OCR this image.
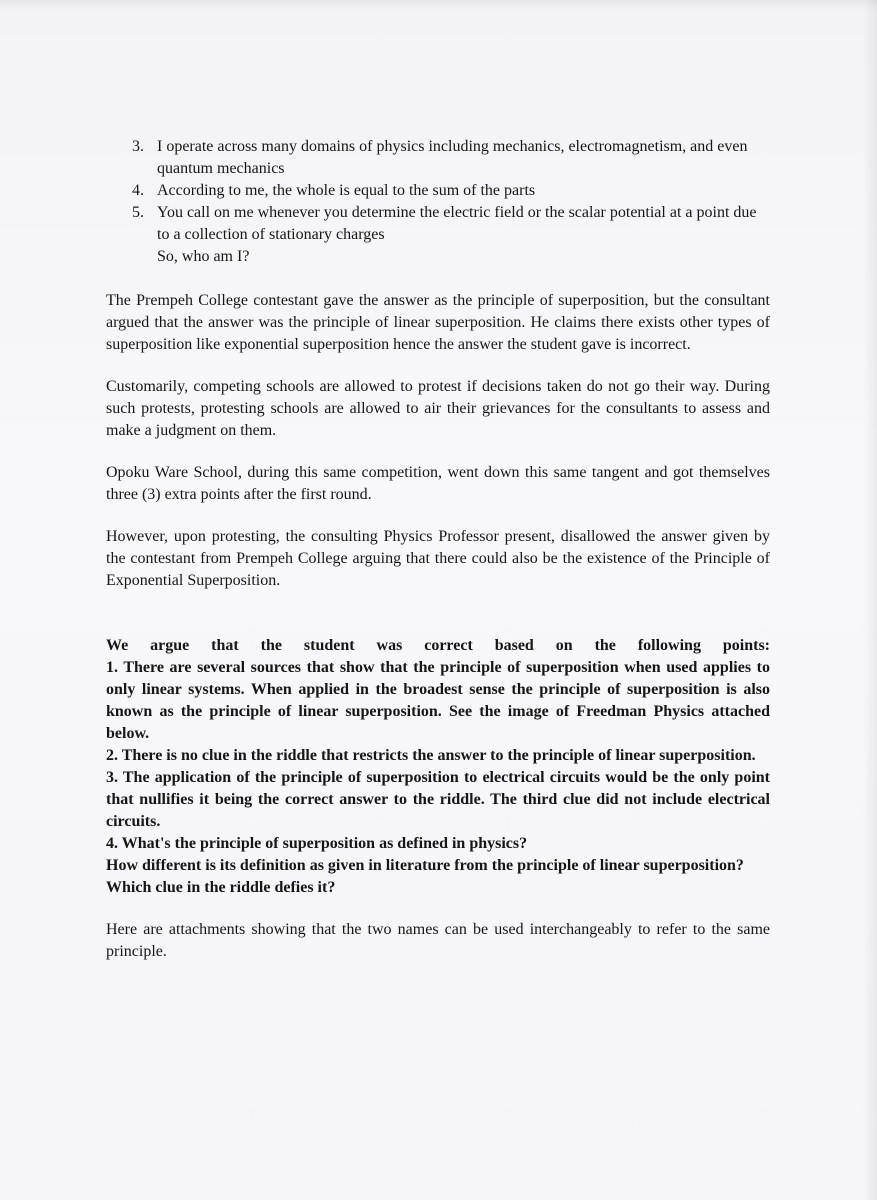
3. I operate across many domains of physics including mechanics, electromagnetism, and even quantum mechanics
4. According to me, the whole is equal to the sum of the parts
5. You call on me whenever you determine the electric field or the scalar potential at a point due to a collection of stationary charges
So, who am I?

The Prempeh College contestant gave the answer as the principle of superposition, but the consultant argued that the answer was the principle of linear superposition. He claims there exists other types of superposition like exponential superposition hence the answer the student gave is incorrect.

Customarily, competing schools are allowed to protest if decisions taken do not go their way. During such protests, protesting schools are allowed to air their grievances for the consultants to assess and make a judgment on them.

Opoku Ware School, during this same competition, went down this same tangent and got themselves three (3) extra points after the first round.

However, upon protesting, the consulting Physics Professor present, disallowed the answer given by the contestant from Prempeh College arguing that there could also be the existence of the Principle of Exponential Superposition.

We argue that the student was correct based on the following points:

1. There are several sources that show that the principle of superposition when used applies to only linear systems. When applied in the broadest sense the principle of superposition is also known as the principle of linear superposition. See the image of Freedman Physics attached below.

2. There is no clue in the riddle that restricts the answer to the principle of linear superposition.

3. The application of the principle of superposition to electrical circuits would be the only point that nullifies it being the correct answer to the riddle. The third clue did not include electrical circuits.

4. What's the principle of superposition as defined in physics?

How different is its definition as given in literature from the principle of linear superposition?

Which clue in the riddle defies it?

Here are attachments showing that the two names can be used interchangeably to refer to the same principle.
